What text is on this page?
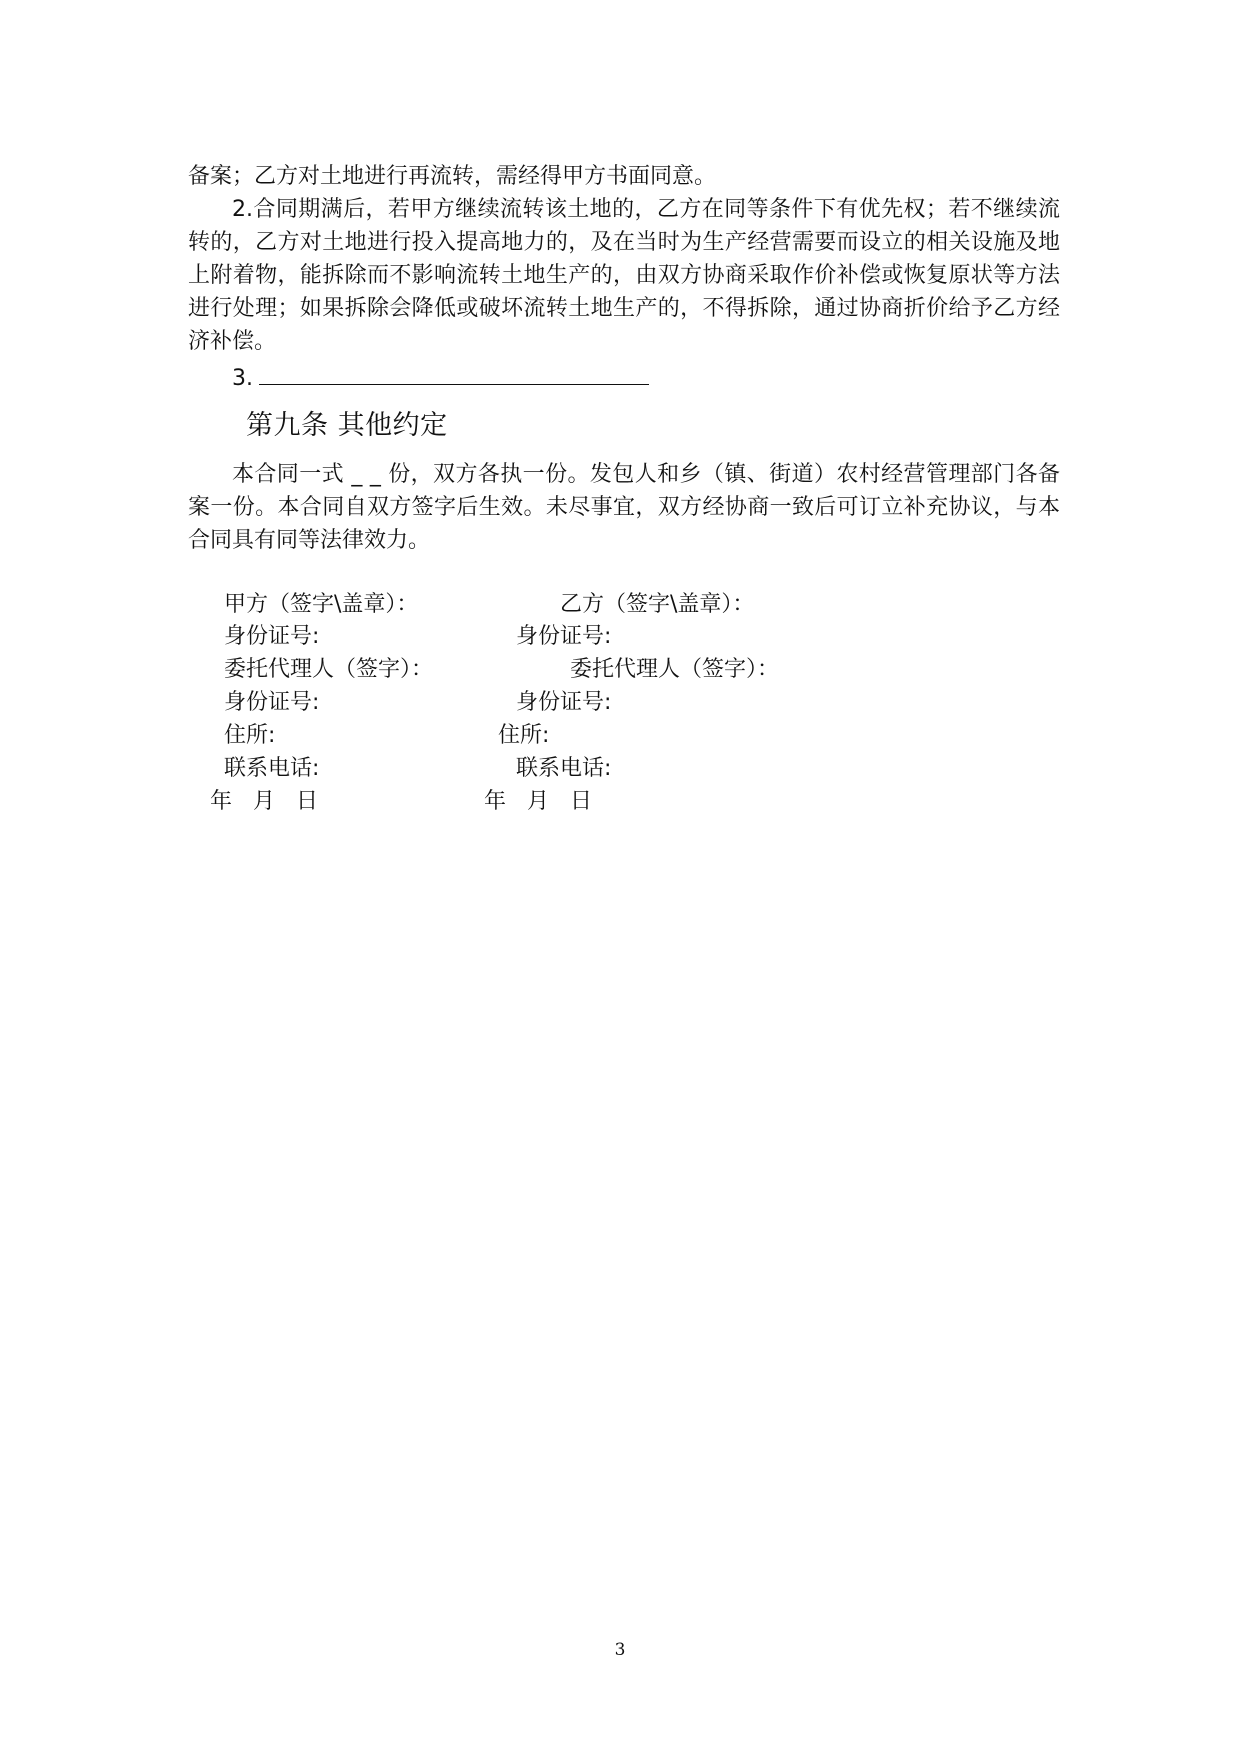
备案；乙方对土地进行再流转，需经得甲方书面同意。

2.合同期满后，若甲方继续流转该土地的，乙方在同等条件下有优先权；若不继续流转的，乙方对土地进行投入提高地力的，及在当时为生产经营需要而设立的相关设施及地上附着物，能拆除而不影响流转土地生产的，由双方协商采取作价补偿或恢复原状等方法进行处理；如果拆除会降低或破坏流转土地生产的，不得拆除，通过协商折价给予乙方经济补偿。

3.
第九条 其他约定
本合同一式 _ _ 份，双方各执一份。发包人和乡（镇、街道）农村经营管理部门各备案一份。本合同自双方签字后生效。未尽事宜，双方经协商一致后可订立补充协议，与本合同具有同等法律效力。
甲方（签字\盖章）：
身份证号:
委托代理人（签字）：
身份证号:
住所:
联系电话:
年   月   日
乙方（签字\盖章）：
身份证号:
委托代理人（签字）：
身份证号:
住所:
联系电话:
年   月   日
3
